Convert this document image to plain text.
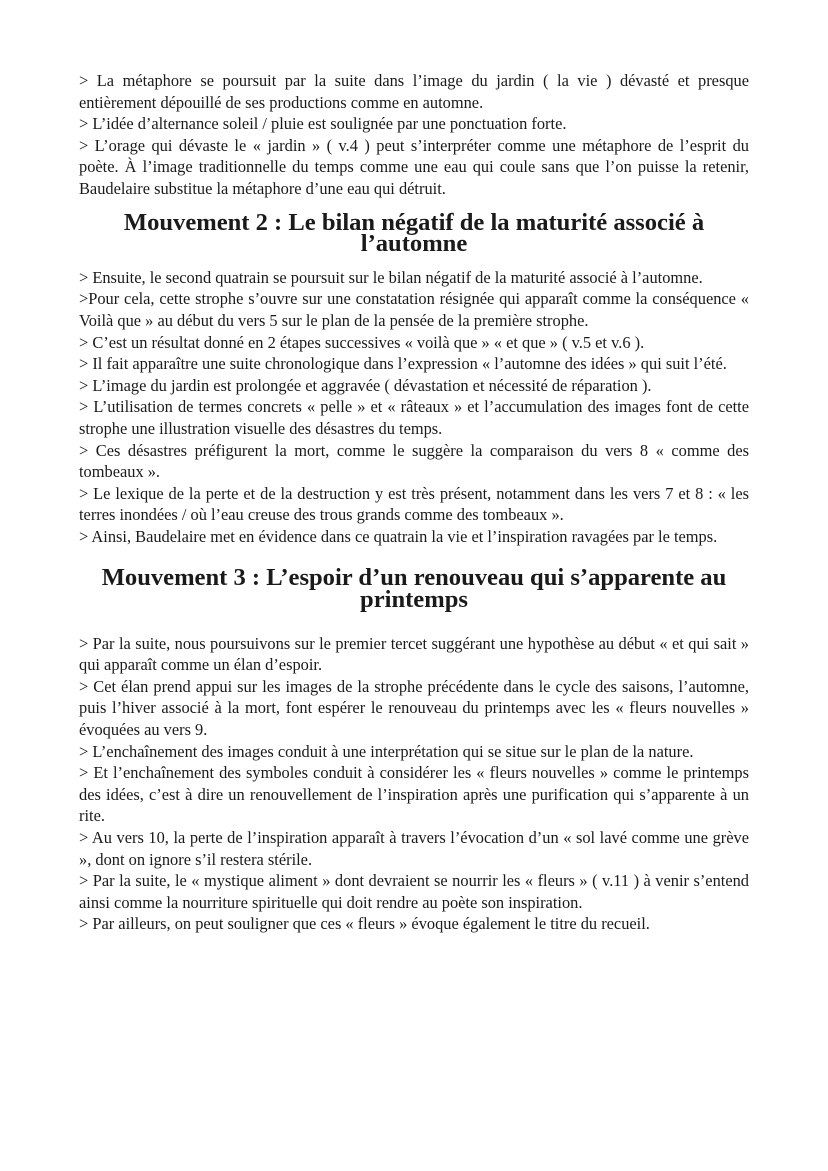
> La métaphore se poursuit par la suite dans l’image du jardin ( la vie ) dévasté et presque entièrement dépouillé de ses productions comme en automne.

> L’idée d’alternance soleil / pluie est soulignée par une ponctuation forte.

> L’orage qui dévaste le « jardin » ( v.4 ) peut s’interpréter comme une métaphore de l’esprit du poète. À l’image traditionnelle du temps comme une eau qui coule sans que l’on puisse la retenir, Baudelaire substitue la métaphore d’une eau qui détruit.

Mouvement 2 : Le bilan négatif de la maturité associé à l’automne

> Ensuite, le second quatrain se poursuit sur le bilan négatif de la maturité associé à l’automne.

>Pour cela, cette strophe s’ouvre sur une constatation résignée qui apparaît comme la conséquence « Voilà que » au début du vers 5 sur le plan de la pensée de la première strophe.

> C’est un résultat donné en 2 étapes successives « voilà que » « et que » ( v.5 et v.6 ).

> Il fait apparaître une suite chronologique dans l’expression « l’automne des idées » qui suit l’été.

> L’image du jardin est prolongée et aggravée ( dévastation et nécessité de réparation ).

> L’utilisation de termes concrets « pelle » et « râteaux » et l’accumulation des images font de cette strophe une illustration visuelle des désastres du temps.

> Ces désastres préfigurent la mort, comme le suggère la comparaison du vers 8 « comme des tombeaux ».

> Le lexique de la perte et de la destruction y est très présent, notamment dans les vers 7 et 8 : « les terres inondées / où l’eau creuse des trous grands comme des tombeaux ».

> Ainsi, Baudelaire met en évidence dans ce quatrain la vie et l’inspiration ravagées par le temps.

Mouvement 3 : L’espoir d’un renouveau qui s’apparente au printemps

> Par la suite, nous poursuivons sur le premier tercet suggérant une hypothèse au début « et qui sait » qui apparaît comme un élan d’espoir.

> Cet élan prend appui sur les images de la strophe précédente dans le cycle des saisons, l’automne, puis l’hiver associé à la mort, font espérer le renouveau du printemps avec les « fleurs nouvelles » évoquées au vers 9.

> L’enchaînement des images conduit à une interprétation qui se situe sur le plan de la nature.

> Et l’enchaînement des symboles conduit à considérer les « fleurs nouvelles » comme le printemps des idées, c’est à dire un renouvellement de l’inspiration après une purification qui s’apparente à un rite.

> Au vers 10, la perte de l’inspiration apparaît à travers l’évocation d’un « sol lavé comme une grève », dont on ignore s’il restera stérile.

> Par la suite, le « mystique aliment » dont devraient se nourrir les « fleurs » ( v.11 ) à venir s’entend ainsi comme la nourriture spirituelle qui doit rendre au poète son inspiration.

> Par ailleurs, on peut souligner que ces « fleurs » évoque également le titre du recueil.
